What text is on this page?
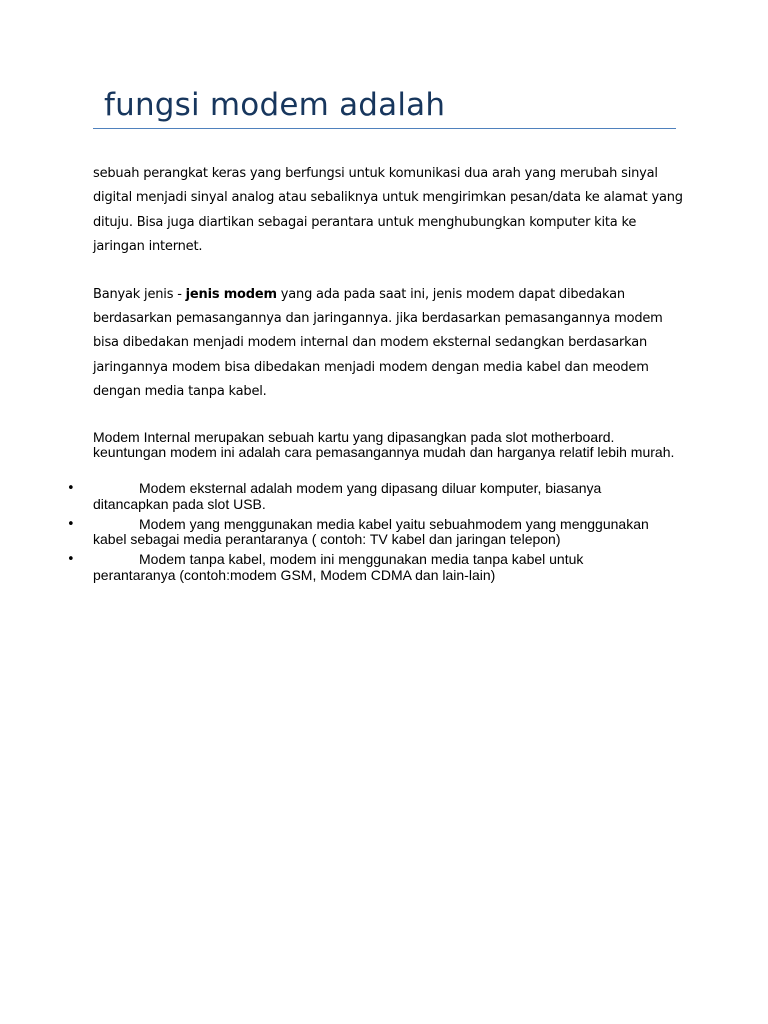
fungsi modem adalah

sebuah perangkat keras yang berfungsi untuk komunikasi dua arah yang merubah sinyal digital menjadi sinyal analog atau sebaliknya untuk mengirimkan pesan/data ke alamat yang dituju. Bisa juga diartikan sebagai perantara untuk menghubungkan komputer kita ke jaringan internet.

Banyak jenis - jenis modem yang ada pada saat ini, jenis modem dapat dibedakan berdasarkan pemasangannya dan jaringannya. jika berdasarkan pemasangannya modem bisa dibedakan menjadi modem internal dan modem eksternal sedangkan berdasarkan jaringannya modem bisa dibedakan menjadi modem dengan media kabel dan meodem dengan media tanpa kabel.

Modem Internal merupakan sebuah kartu yang dipasangkan pada slot motherboard. keuntungan modem ini adalah cara pemasangannya mudah dan harganya relatif lebih murah.

•	Modem eksternal adalah modem yang dipasang diluar komputer, biasanya ditancapkan pada slot USB.
•	Modem yang menggunakan media kabel yaitu sebuahmodem yang menggunakan kabel sebagai media perantaranya ( contoh: TV kabel dan jaringan telepon)
•	Modem tanpa kabel, modem ini menggunakan media tanpa kabel untuk perantaranya (contoh:modem GSM, Modem CDMA dan lain-lain)
